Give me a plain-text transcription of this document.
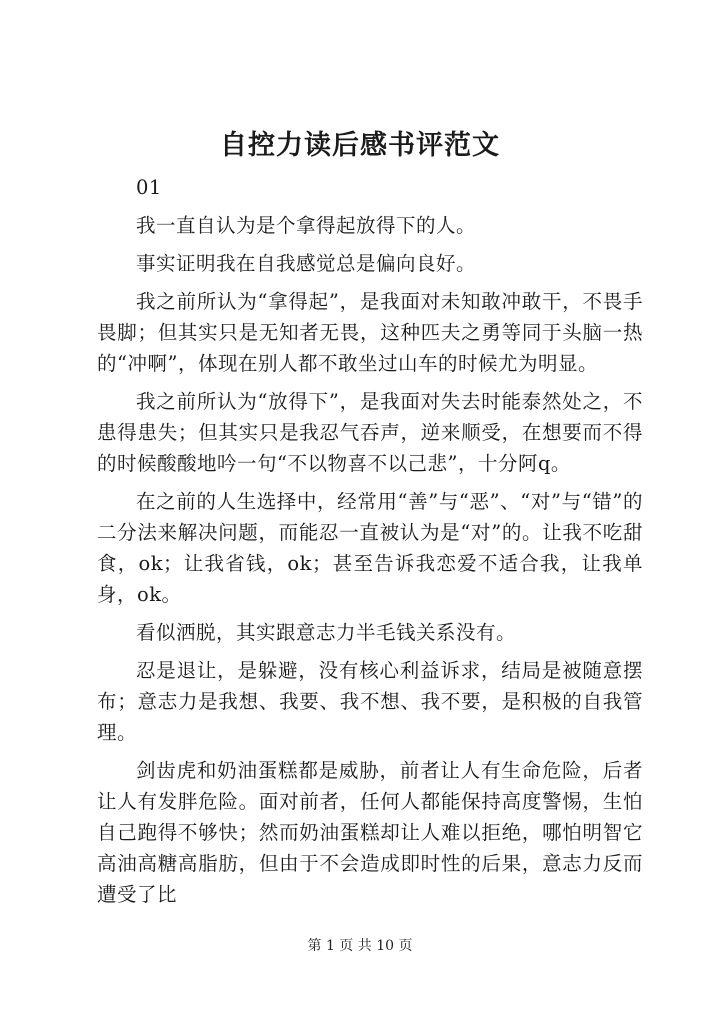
自控力读后感书评范文

01

我一直自认为是个拿得起放得下的人。

事实证明我在自我感觉总是偏向良好。

我之前所认为“拿得起”，是我面对未知敢冲敢干，不畏手畏脚；但其实只是无知者无畏，这种匹夫之勇等同于头脑一热的“冲啊”，体现在别人都不敢坐过山车的时候尤为明显。

我之前所认为“放得下”，是我面对失去时能泰然处之，不患得患失；但其实只是我忍气吞声，逆来顺受，在想要而不得的时候酸酸地吟一句“不以物喜不以己悲”，十分阿q。

在之前的人生选择中，经常用“善”与“恶”、“对”与“错”的二分法来解决问题，而能忍一直被认为是“对”的。让我不吃甜食，ok；让我省钱，ok；甚至告诉我恋爱不适合我，让我单身，ok。

看似洒脱，其实跟意志力半毛钱关系没有。

忍是退让，是躲避，没有核心利益诉求，结局是被随意摆布；意志力是我想、我要、我不想、我不要，是积极的自我管理。

剑齿虎和奶油蛋糕都是威胁，前者让人有生命危险，后者让人有发胖危险。面对前者，任何人都能保持高度警惕，生怕自己跑得不够快；然而奶油蛋糕却让人难以拒绝，哪怕明智它高油高糖高脂肪，但由于不会造成即时性的后果，意志力反而遭受了比

第 1 页 共 10 页
